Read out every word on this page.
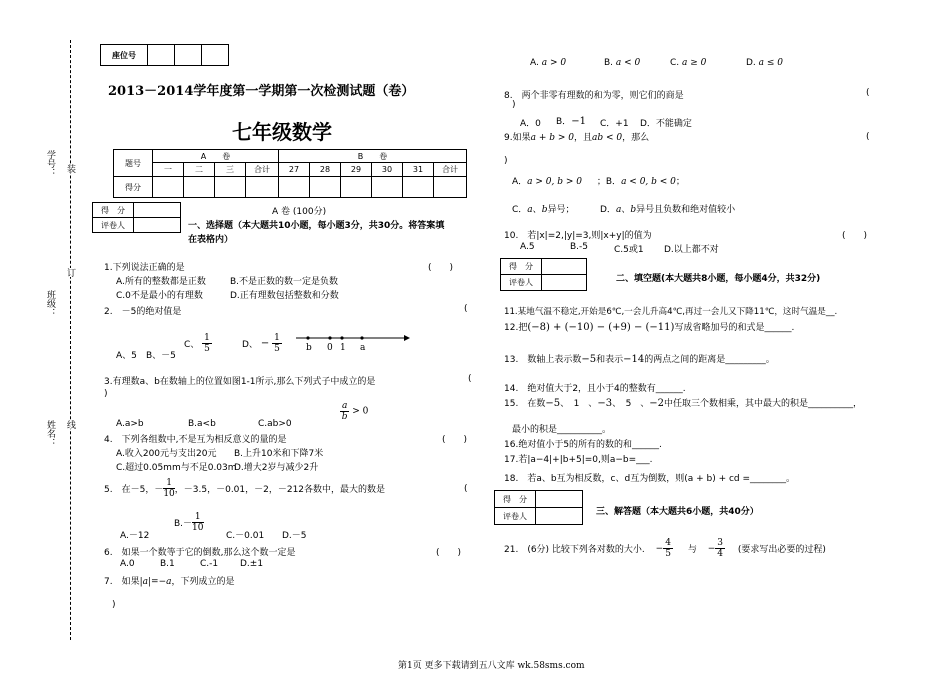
学号：
班级：
姓名：
装
订
线
座位号			
2013－2014学年度第一学期第一次检测试题（卷）
七年级数学
题号	A　　卷				B　　卷					
	一	二	三	合计	27	28	29	30	31	合计
得分										
A 卷 (100分)
得　分	
评卷人		一、选择题（本大题共10小题，每小题3分，共30分。将答案填
在表格内）
1.下列说法正确的是	(　　)
A.所有的整数都是正数	B.不是正数的数一定是负数
C.0不是最小的有理数	D.正有理数包括整数和分数
2.　－5的绝对值是	(
A、5 B、－5
C、 $\frac{1}{5}$	D、 − $\frac{1}{5}$	b 0 1 a
3.有理数a、b在数轴上的位置如图1-1所示,那么下列式子中成立的是	(
)
A.a>b	B.a<b	C.ab>0
$\frac{a}{b} > 0$
4.　下列各组数中,不是互为相反意义的量的是	(　　)
A.收入200元与支出20元 B.上升10米和下降7米
C.超过0.05mm与不足0.03m
D.增大2岁与减少2升
5.　在－5，－ $\frac{1}{10}$ ，－3.5，－0.01，－2，－212各数中，最大的数是	(
A.－12
$B.- \frac{1}{10}$
C.－0.01 D.－5
6.　如果一个数等于它的倒数,那么这个数一定是	(　　)
A.0	B.1	C.-1 D.±1
7.　如果|a|=−a，下列成立的是
)
A. a > 0	B. a < 0	C. a ≥ 0	D. a ≤ 0
8.　两个非零有理数的和为零，则它们的商是	(
)
A．0 B．−1 C．+1 D．不能确定
9.如果a + b > 0，且ab < 0，那么	(
)
A．a > 0, b > 0 ；B．a < 0, b < 0；
C．a、b异号；	D．a、b异号且负数和绝对值较小
10.　若|x|=2,|y|=3,则|x+y|的值为	(　　)
A.5	B.-5	C.5或1 D.以上都不对
得　分	
评卷人		二、填空题(本大题共8小题，每小题4分，共32分)
11.某地气温不稳定,开始是6℃,一会儿升高4℃,再过一会儿又下降11℃，这时气温是__.
12.把(−8) + (−10) − (+9) − (−11)写成省略加号的和式是______.
13.　数轴上表示数−5和表示−14的两点之间的距离是_________。
14.　绝对值大于2，且小于4的整数有______.
15.　在数−5、　1　、−3、　5　、−2中任取三个数相乘，其中最大的积是__________，
最小的积是__________。
16.绝对值小于5的所有的数的和______.
17.若|a−4|+|b+5|=0,则a−b=___.
18.　若a、b互为相反数，c、d互为倒数，则(a + b) + cd =________。
得　分	
评卷人		三、解答题（本大题共6小题，共40分）
21.　(6分) 比较下列各对数的大小. − $\frac{4}{5}$ 与 − $\frac{3}{4}$ (要求写出必要的过程)
第1页 更多下载请到五八文库 wk.58sms.com
